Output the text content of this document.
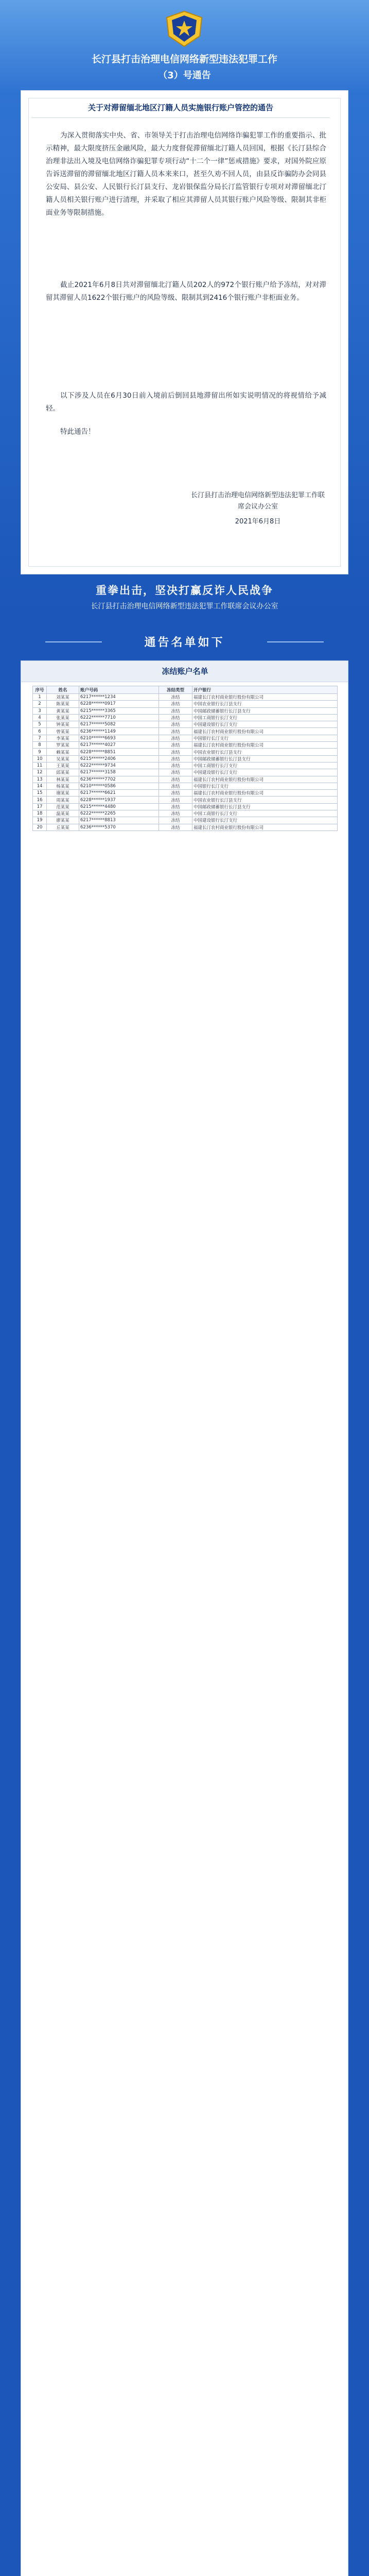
长汀县打击治理电信网络新型违法犯罪工作
（3）号通告
关于对滞留缅北地区汀籍人员实施银行账户管控的通告
为深入贯彻落实中央、省、市领导关于打击治理电信网络诈骗犯罪工作的重要指示、批示精神，最大限度挤压金融风险，最大力度督促滞留缅北汀籍人员回国，根据《长汀县综合治理非法出入境及电信网络诈骗犯罪专项行动“十二个一律”惩戒措施》要求，对国外院应原告诉送滞留的滞留缅北地区汀籍人员本来来口，甚至久劝不回人员，由县反诈骗防办会同县公安局、县公安、人民银行长汀县支行、龙岩银保监分局长汀监管银行专项对对滞留缅北汀籍人员相关银行账户进行清理，并采取了相应其滞留人员其银行账户风险等级、限制其非柜面业务等限制措施。
截止2021年6月8日共对滞留缅北汀籍人员202人的972个银行账户给予冻结，对对滞留其滞留人员1622个银行账户的风险等级、限制其到2416个银行账户非柜面业务。
以下涉及人员在6月30日前入境前后倒回县地滞留出所如实说明情况的将视情给予减轻。
特此通告！
长汀县打击治理电信网络新型违法犯罪工作联席会议办公室
2021年6月8日
重拳出击，坚决打赢反诈人民战争
长汀县打击治理电信网络新型违法犯罪工作联席会议办公室
通告名单如下
冻结账户名单
序号	姓名	账户号码	冻结类型	开户银行
1	刘某某	6217******1234	冻结	福建长汀农村商业银行股份有限公司
2	陈某某	6228******0917	冻结	中国农业银行长汀县支行
3	黄某某	6215******3365	冻结	中国邮政储蓄银行长汀县支行
4	张某某	6222******7710	冻结	中国工商银行长汀支行
5	钟某某	6217******5082	冻结	中国建设银行长汀支行
6	曾某某	6236******1149	冻结	福建长汀农村商业银行股份有限公司
7	李某某	6210******6693	冻结	中国银行长汀支行
8	罗某某	6217******4027	冻结	福建长汀农村商业银行股份有限公司
9	赖某某	6228******8851	冻结	中国农业银行长汀县支行
10	吴某某	6215******2406	冻结	中国邮政储蓄银行长汀县支行
11	王某某	6222******9734	冻结	中国工商银行长汀支行
12	邱某某	6217******3158	冻结	中国建设银行长汀支行
13	林某某	6236******7702	冻结	福建长汀农村商业银行股份有限公司
14	杨某某	6210******0586	冻结	中国银行长汀支行
15	谢某某	6217******6621	冻结	福建长汀农村商业银行股份有限公司
16	周某某	6228******1937	冻结	中国农业银行长汀县支行
17	范某某	6215******4480	冻结	中国邮政储蓄银行长汀县支行
18	温某某	6222******2265	冻结	中国工商银行长汀支行
19	廖某某	6217******8813	冻结	中国建设银行长汀支行
20	丘某某	6236******5370	冻结	福建长汀农村商业银行股份有限公司
